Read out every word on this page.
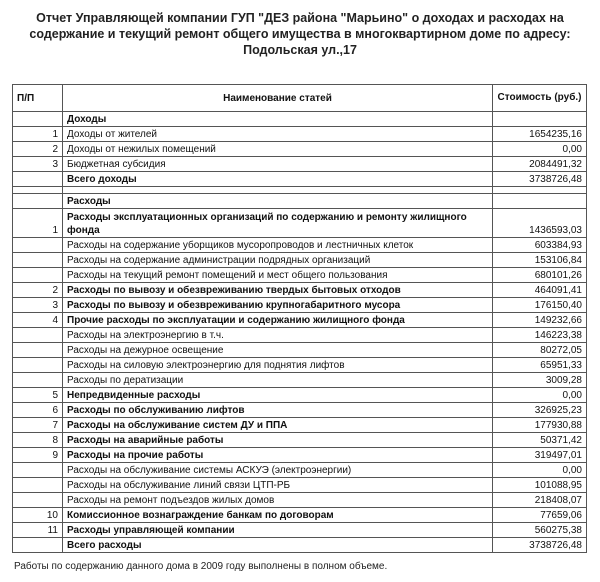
Отчет Управляющей компании ГУП "ДЕЗ района "Марьино" о доходах и расходах на
содержание и текущий ремонт общего имущества в многоквартирном доме по адресу:
Подольская ул.,17
П/П	Наименование статей	Стоимость (руб.)
	Доходы	
1	Доходы от жителей	1654235,16
2	Доходы от нежилых помещений	0,00
3	Бюджетная субсидия	2084491,32
	Всего доходы	3738726,48

	Расходы	
1	Расходы эксплуатационных организаций по содержанию и ремонту жилищного фонда	1436593,03
	Расходы на содержание уборщиков мусоропроводов и лестничных клеток	603384,93
	Расходы на содержание администрации подрядных организаций	153106,84
	Расходы на текущий ремонт помещений и мест общего пользования	680101,26
2	Расходы по вывозу и обезвреживанию твердых бытовых отходов	464091,41
3	Расходы по вывозу и обезвреживанию крупногабаритного мусора	176150,40
4	Прочие расходы по эксплуатации и содержанию жилищного фонда	149232,66
	Расходы на электроэнергию в т.ч.	146223,38
	Расходы на дежурное освещение	80272,05
	Расходы на силовую электроэнергию для поднятия лифтов	65951,33
	Расходы по дератизации	3009,28
5	Непредвиденные расходы	0,00
6	Расходы по обслуживанию лифтов	326925,23
7	Расходы на обслуживание систем ДУ и ППА	177930,88
8	Расходы на аварийные работы	50371,42
9	Расходы на прочие работы	319497,01
	Расходы на обслуживание системы АСКУЭ (электроэнергии)	0,00
	Расходы на обслуживание линий связи ЦТП-РБ	101088,95
	Расходы на ремонт подъездов жилых домов	218408,07
10	Комиссионное вознаграждение банкам по договорам	77659,06
11	Расходы управляющей компании	560275,38
	Всего расходы	3738726,48
Работы по содержанию данного дома в 2009 году выполнены в полном объеме.
